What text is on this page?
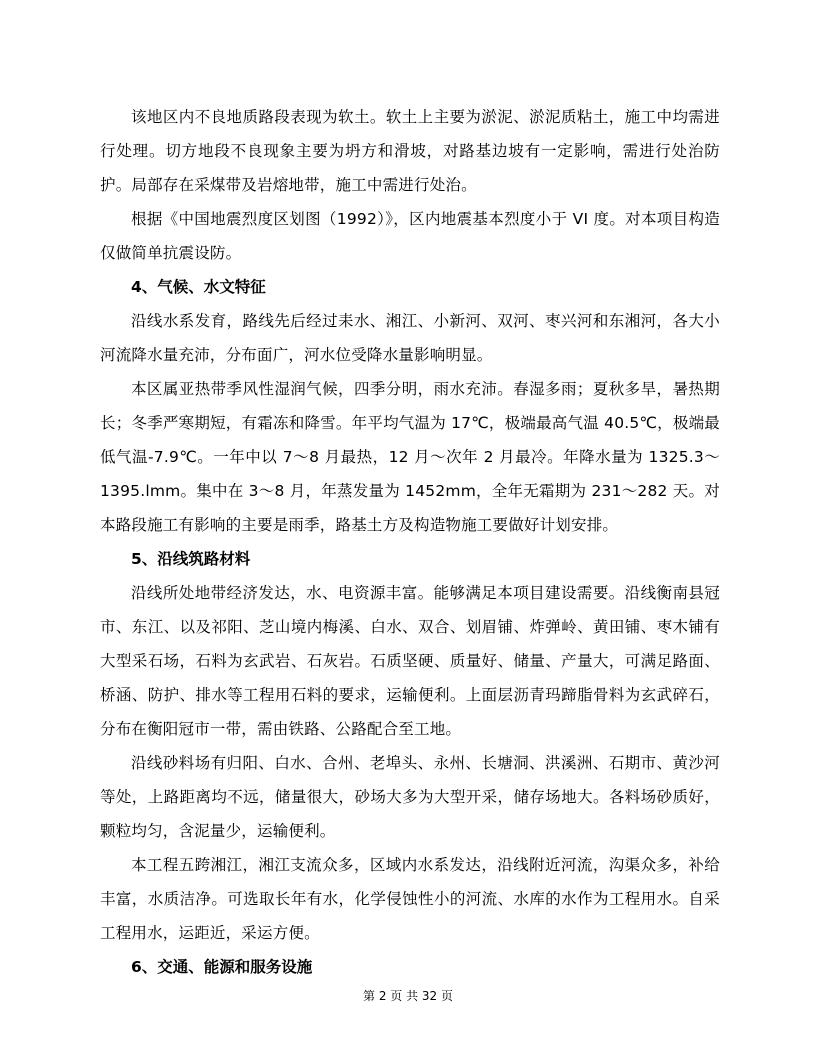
该地区内不良地质路段表现为软土。软土上主要为淤泥、淤泥质粘土，施工中均需进行处理。切方地段不良现象主要为坍方和滑坡，对路基边坡有一定影响，需进行处治防护。局部存在采煤带及岩熔地带，施工中需进行处治。

根据《中国地震烈度区划图（1992）》，区内地震基本烈度小于 VI 度。对本项目构造仅做简单抗震设防。

4、气候、水文特征

沿线水系发育，路线先后经过耒水、湘江、小新河、双河、枣兴河和东湘河，各大小河流降水量充沛，分布面广，河水位受降水量影响明显。

本区属亚热带季风性湿润气候，四季分明，雨水充沛。春湿多雨；夏秋多旱，暑热期长；冬季严寒期短，有霜冻和降雪。年平均气温为 17℃，极端最高气温 40.5℃，极端最低气温-7.9℃。一年中以 7～8 月最热，12 月～次年 2 月最冷。年降水量为 1325.3～1395.lmm。集中在 3～8 月，年蒸发量为 1452mm，全年无霜期为 231～282 天。对本路段施工有影响的主要是雨季，路基土方及构造物施工要做好计划安排。

5、沿线筑路材料

沿线所处地带经济发达，水、电资源丰富。能够满足本项目建设需要。沿线衡南县冠市、东江、以及祁阳、芝山境内梅溪、白水、双合、划眉铺、炸弹岭、黄田铺、枣木铺有大型采石场，石料为玄武岩、石灰岩。石质坚硬、质量好、储量、产量大，可满足路面、桥涵、防护、排水等工程用石料的要求，运输便利。上面层沥青玛蹄脂骨料为玄武碎石，分布在衡阳冠市一带，需由铁路、公路配合至工地。

沿线砂料场有归阳、白水、合州、老埠头、永州、长塘洞、洪溪洲、石期市、黄沙河等处，上路距离均不远，储量很大，砂场大多为大型开采，储存场地大。各料场砂质好，颗粒均匀，含泥量少，运输便利。

本工程五跨湘江，湘江支流众多，区域内水系发达，沿线附近河流，沟渠众多，补给丰富，水质洁净。可选取长年有水，化学侵蚀性小的河流、水库的水作为工程用水。自采工程用水，运距近，采运方便。

6、交通、能源和服务设施
第 2 页 共 32 页
